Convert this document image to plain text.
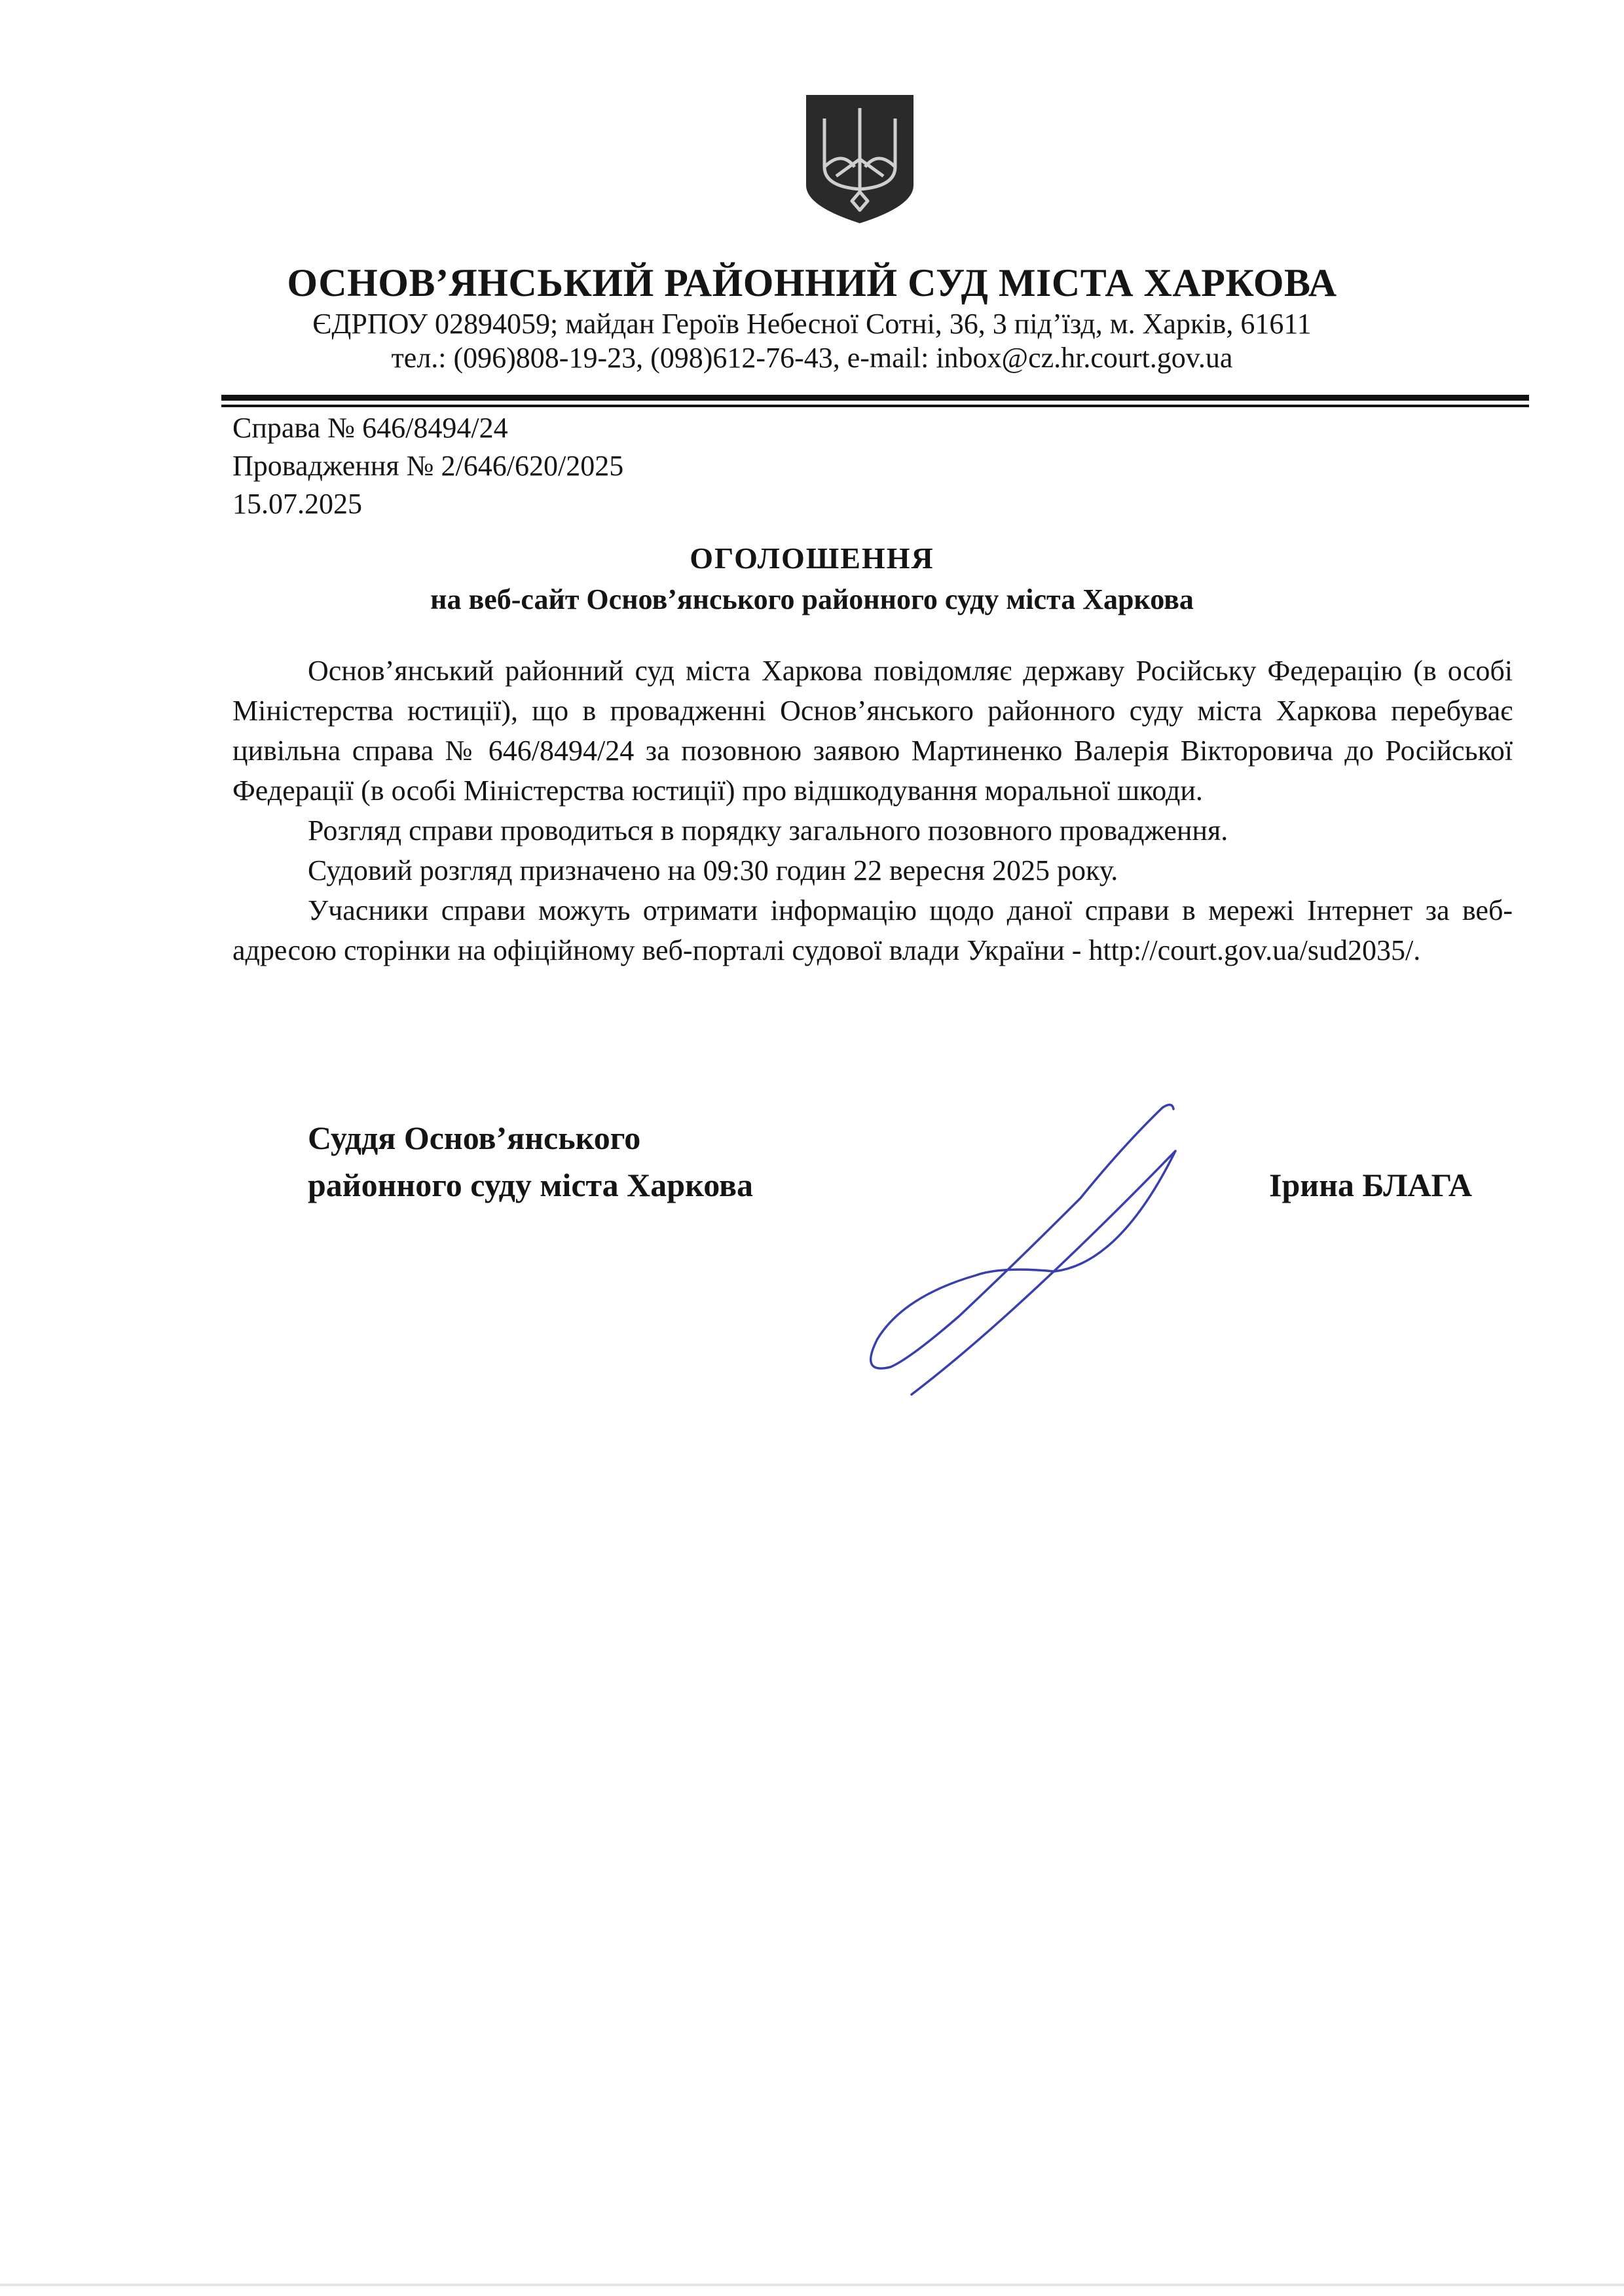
ОСНОВ’ЯНСЬКИЙ РАЙОННИЙ СУД МІСТА ХАРКОВА
ЄДРПОУ 02894059; майдан Героїв Небесної Сотні, 36, 3 під’їзд, м. Харків, 61611
тел.: (096)808-19-23, (098)612-76-43, e-mail: inbox@cz.hr.court.gov.ua
Справа № 646/8494/24
Провадження № 2/646/620/2025
15.07.2025
ОГОЛОШЕННЯ
на веб-сайт Основ’янського районного суду міста Харкова

Основ’янський районний суд міста Харкова повідомляє державу Російську Федерацію (в особі Міністерства юстиції), що в провадженні Основ’янського районного суду міста Харкова перебуває цивільна справа № 646/8494/24 за позовною заявою Мартиненко Валерія Вікторовича до Російської Федерації (в особі Міністерства юстиції) про відшкодування моральної шкоди.

Розгляд справи проводиться в порядку загального позовного провадження.

Судовий розгляд призначено на 09:30 годин 22 вересня 2025 року.

Учасники справи можуть отримати інформацію щодо даної справи в мережі Інтернет за веб-адресою сторінки на офіційному веб-порталі судової влади України - http://court.gov.ua/sud2035/.

Суддя Основ’янського
районного суду міста Харкова	Ірина БЛАГА
